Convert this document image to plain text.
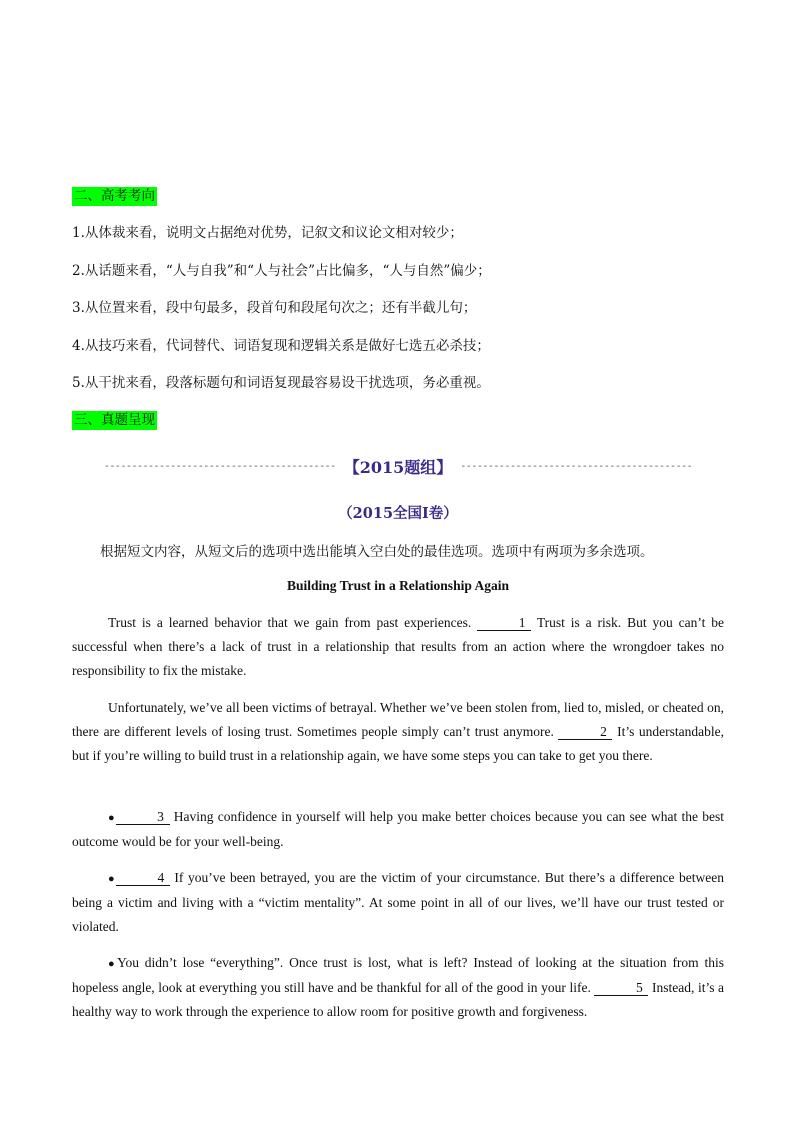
二、高考考向
1.从体裁来看，说明文占据绝对优势，记叙文和议论文相对较少；
2.从话题来看，“人与自我”和“人与社会”占比偏多，“人与自然”偏少；
3.从位置来看，段中句最多，段首句和段尾句次之；还有半截儿句；
4.从技巧来看，代词替代、词语复现和逻辑关系是做好七选五必杀技；
5.从干扰来看，段落标题句和词语复现最容易设干扰选项，务必重视。
三、真题呈现
------------------------------------------ 【2015题组】 ------------------------------------------
（2015全国I卷）
根据短文内容，从短文后的选项中选出能填入空白处的最佳选项。选项中有两项为多余选项。
Building Trust in a Relationship Again
Trust is a learned behavior that we gain from past experiences.	1 Trust is a risk. But you can’t be successful when there’s a lack of trust in a relationship that results from an action where the wrongdoer takes no responsibility to fix the mistake.
Unfortunately, we’ve all been victims of betrayal. Whether we’ve been stolen from, lied to, misled, or cheated on, there are different levels of losing trust. Sometimes people simply can’t trust anymore.	2 It’s understandable, but if you’re willing to build trust in a relationship again, we have some steps you can take to get you there.
●	3 Having confidence in yourself will help you make better choices because you can see what the best outcome would be for your well-being.
●	4 If you’ve been betrayed, you are the victim of your circumstance. But there’s a difference between being a victim and living with a “victim mentality”. At some point in all of our lives, we’ll have our trust tested or violated.
●You didn’t lose “everything”. Once trust is lost, what is left? Instead of looking at the situation from this hopeless angle, look at everything you still have and be thankful for all of the good in your life.	5 Instead, it’s a healthy way to work through the experience to allow room for positive growth and forgiveness.
